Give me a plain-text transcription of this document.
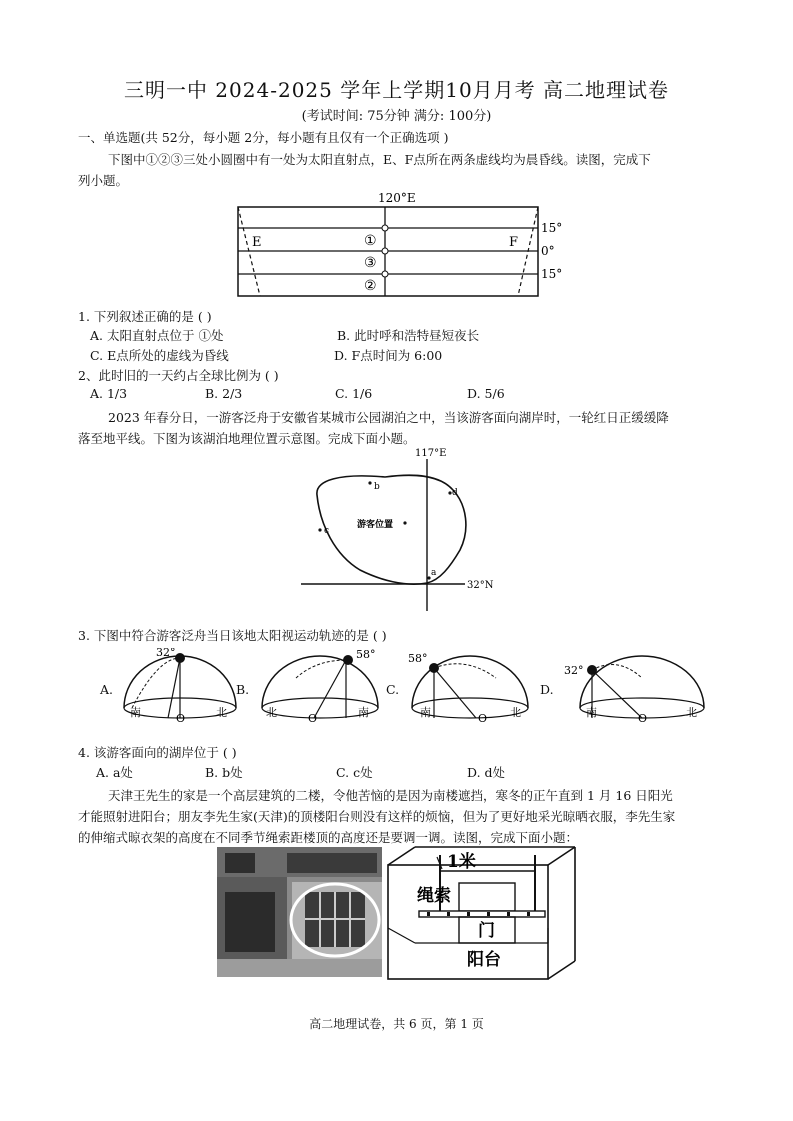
三明一中 2024-2025 学年上学期10月月考 高二地理试卷
(考试时间: 75分钟 满分: 100分)
一、单选题(共 52分，每小题 2分，每小题有且仅有一个正确选项 )
下图中①②③三处小圆圈中有一处为太阳直射点，E、F点所在两条虚线均为晨昏线。读图，完成下
列小题。
120°E
①
③
②
E	F
15°
0°
15°
1. 下列叙述正确的是 ( )
A. 太阳直射点位于 ①处	B. 此时呼和浩特昼短夜长
C. E点所处的虚线为昏线	D. F点时间为 6:00
2、此时旧的一天约占全球比例为 ( )
A. 1/3	B. 2/3	C. 1/6	D. 5/6
2023 年春分日，一游客泛舟于安徽省某城市公园湖泊之中，当该游客面向湖岸时，一轮红日正缓缓降
落至地平线。下图为该湖泊地理位置示意图。完成下面小题。
117°E
32°N
b
d
c
a
游客位置
3. 下图中符合游客泛舟当日该地太阳视运动轨迹的是 ( )
A.
32°
南	北
O
B.
58°
北	南
O
C.
58°
南	北
O
D.
32°
南	北
O
4. 该游客面向的湖岸位于 ( )
A. a处	B. b处	C. c处	D. d处
天津王先生的家是一个高层建筑的二楼，令他苦恼的是因为南楼遮挡，寒冬的正午直到 1 月 16 日阳光
才能照射进阳台；朋友李先生家(天津)的顶楼阳台则没有这样的烦恼，但为了更好地采光晾晒衣服，李先生家
的伸缩式晾衣架的高度在不同季节绳索距楼顶的高度还是要调一调。读图，完成下面小题：
1米
绳索
门
阳台
高二地理试卷，共 6 页，第 1 页
